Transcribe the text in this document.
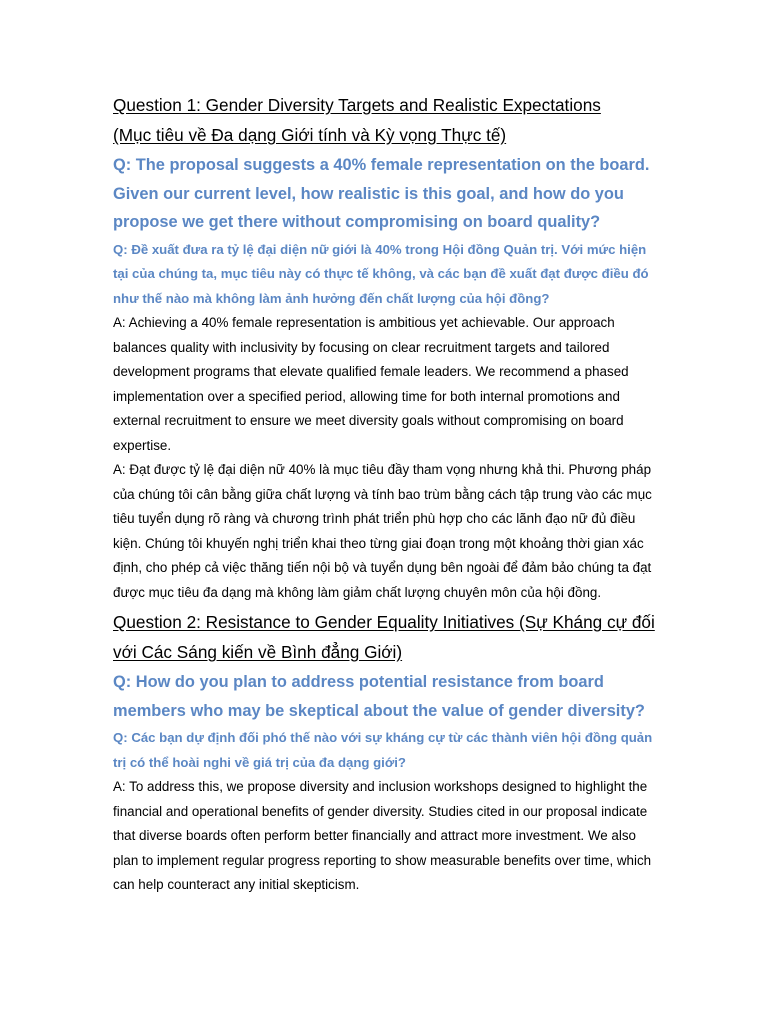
Question 1: Gender Diversity Targets and Realistic Expectations

(Mục tiêu về Đa dạng Giới tính và Kỳ vọng Thực tế)

Q: The proposal suggests a 40% female representation on the board. Given our current level, how realistic is this goal, and how do you propose we get there without compromising on board quality?

Q: Đề xuất đưa ra tỷ lệ đại diện nữ giới là 40% trong Hội đồng Quản trị. Với mức hiện tại của chúng ta, mục tiêu này có thực tế không, và các bạn đề xuất đạt được điều đó như thế nào mà không làm ảnh hưởng đến chất lượng của hội đồng?

A: Achieving a 40% female representation is ambitious yet achievable. Our approach balances quality with inclusivity by focusing on clear recruitment targets and tailored development programs that elevate qualified female leaders. We recommend a phased implementation over a specified period, allowing time for both internal promotions and external recruitment to ensure we meet diversity goals without compromising on board expertise.

A: Đạt được tỷ lệ đại diện nữ 40% là mục tiêu đầy tham vọng nhưng khả thi. Phương pháp của chúng tôi cân bằng giữa chất lượng và tính bao trùm bằng cách tập trung vào các mục tiêu tuyển dụng rõ ràng và chương trình phát triển phù hợp cho các lãnh đạo nữ đủ điều kiện. Chúng tôi khuyến nghị triển khai theo từng giai đoạn trong một khoảng thời gian xác định, cho phép cả việc thăng tiến nội bộ và tuyển dụng bên ngoài để đảm bảo chúng ta đạt được mục tiêu đa dạng mà không làm giảm chất lượng chuyên môn của hội đồng.

Question 2: Resistance to Gender Equality Initiatives (Sự Kháng cự đối với Các Sáng kiến về Bình đẳng Giới)

Q: How do you plan to address potential resistance from board members who may be skeptical about the value of gender diversity?

Q: Các bạn dự định đối phó thế nào với sự kháng cự từ các thành viên hội đồng quản trị có thể hoài nghi về giá trị của đa dạng giới?

A: To address this, we propose diversity and inclusion workshops designed to highlight the financial and operational benefits of gender diversity. Studies cited in our proposal indicate that diverse boards often perform better financially and attract more investment. We also plan to implement regular progress reporting to show measurable benefits over time, which can help counteract any initial skepticism.
